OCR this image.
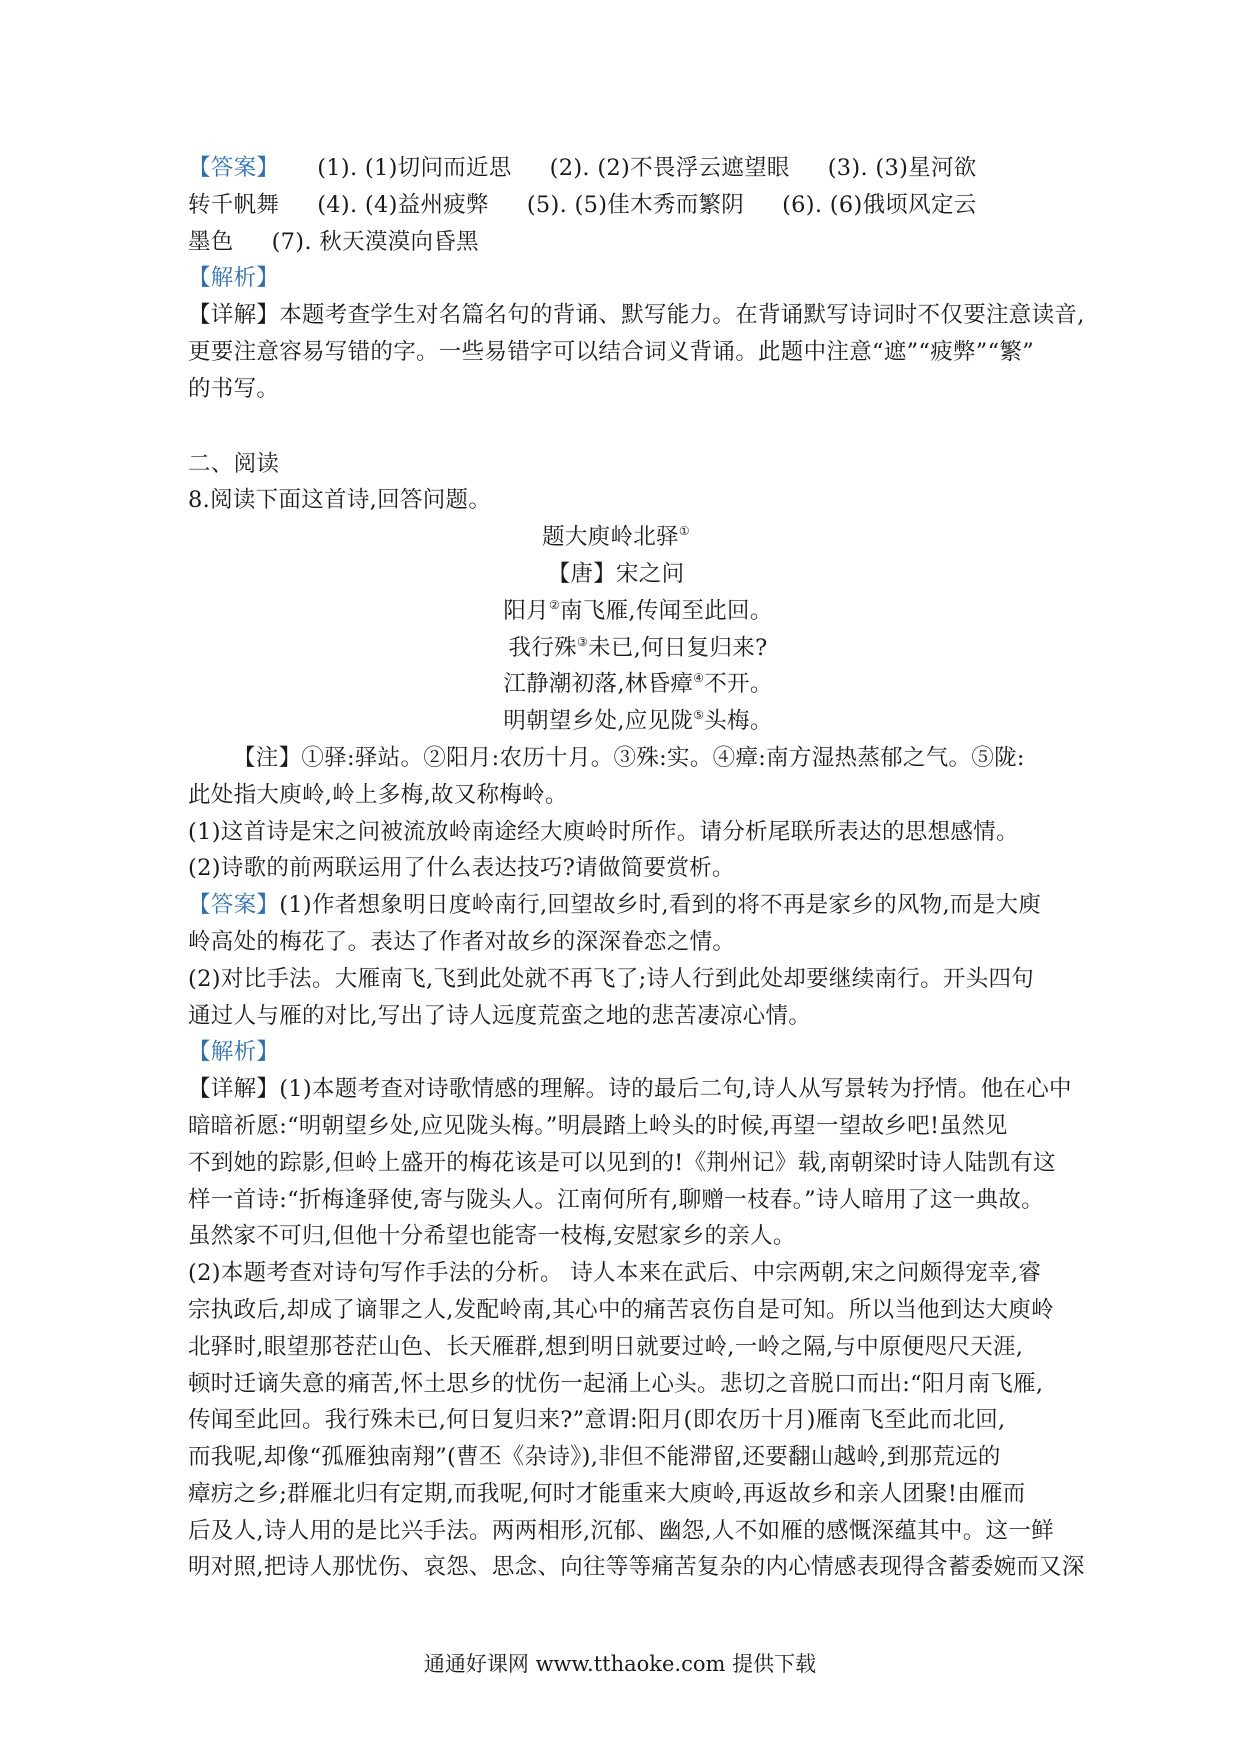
【答案】 (1). (1)切问而近思 (2). (2)不畏浮云遮望眼 (3). (3)星河欲
转千帆舞 (4). (4)益州疲弊 (5). (5)佳木秀而繁阴 (6). (6)俄顷风定云
墨色 (7). 秋天漠漠向昏黑
【解析】
【详解】本题考查学生对名篇名句的背诵、默写能力。在背诵默写诗词时不仅要注意读音,
更要注意容易写错的字。一些易错字可以结合词义背诵。此题中注意“遮”“疲弊”“繁”
的书写。
二、阅读
8.阅读下面这首诗,回答问题。
题大庾岭北驿①
【唐】宋之问
阳月②南飞雁,传闻至此回。
我行殊③未已,何日复归来?
江静潮初落,林昏瘴④不开。
明朝望乡处,应见陇⑤头梅。
【注】①驿:驿站。②阳月:农历十月。③殊:实。④瘴:南方湿热蒸郁之气。⑤陇:
此处指大庾岭,岭上多梅,故又称梅岭。
(1)这首诗是宋之问被流放岭南途经大庾岭时所作。请分析尾联所表达的思想感情。
(2)诗歌的前两联运用了什么表达技巧?请做简要赏析。
【答案】(1)作者想象明日度岭南行,回望故乡时,看到的将不再是家乡的风物,而是大庾
岭高处的梅花了。表达了作者对故乡的深深眷恋之情。
(2)对比手法。大雁南飞,飞到此处就不再飞了;诗人行到此处却要继续南行。开头四句
通过人与雁的对比,写出了诗人远度荒蛮之地的悲苦凄凉心情。
【解析】
【详解】(1)本题考查对诗歌情感的理解。诗的最后二句,诗人从写景转为抒情。他在心中
暗暗祈愿:“明朝望乡处,应见陇头梅。”明晨踏上岭头的时候,再望一望故乡吧!虽然见
不到她的踪影,但岭上盛开的梅花该是可以见到的!《荆州记》载,南朝梁时诗人陆凯有这
样一首诗:“折梅逢驿使,寄与陇头人。江南何所有,聊赠一枝春。”诗人暗用了这一典故。
虽然家不可归,但他十分希望也能寄一枝梅,安慰家乡的亲人。
(2)本题考查对诗句写作手法的分析。 诗人本来在武后、中宗两朝,宋之问颇得宠幸,睿
宗执政后,却成了谪罪之人,发配岭南,其心中的痛苦哀伤自是可知。所以当他到达大庾岭
北驿时,眼望那苍茫山色、长天雁群,想到明日就要过岭,一岭之隔,与中原便咫尺天涯,
顿时迁谪失意的痛苦,怀土思乡的忧伤一起涌上心头。悲切之音脱口而出:“阳月南飞雁,
传闻至此回。我行殊未已,何日复归来?”意谓:阳月(即农历十月)雁南飞至此而北回,
而我呢,却像“孤雁独南翔”(曹丕《杂诗》),非但不能滞留,还要翻山越岭,到那荒远的
瘴疠之乡;群雁北归有定期,而我呢,何时才能重来大庾岭,再返故乡和亲人团聚!由雁而
后及人,诗人用的是比兴手法。两两相形,沉郁、幽怨,人不如雁的感慨深蕴其中。这一鲜
明对照,把诗人那忧伤、哀怨、思念、向往等等痛苦复杂的内心情感表现得含蓄委婉而又深
通通好课网 www.tthaoke.com 提供下载
